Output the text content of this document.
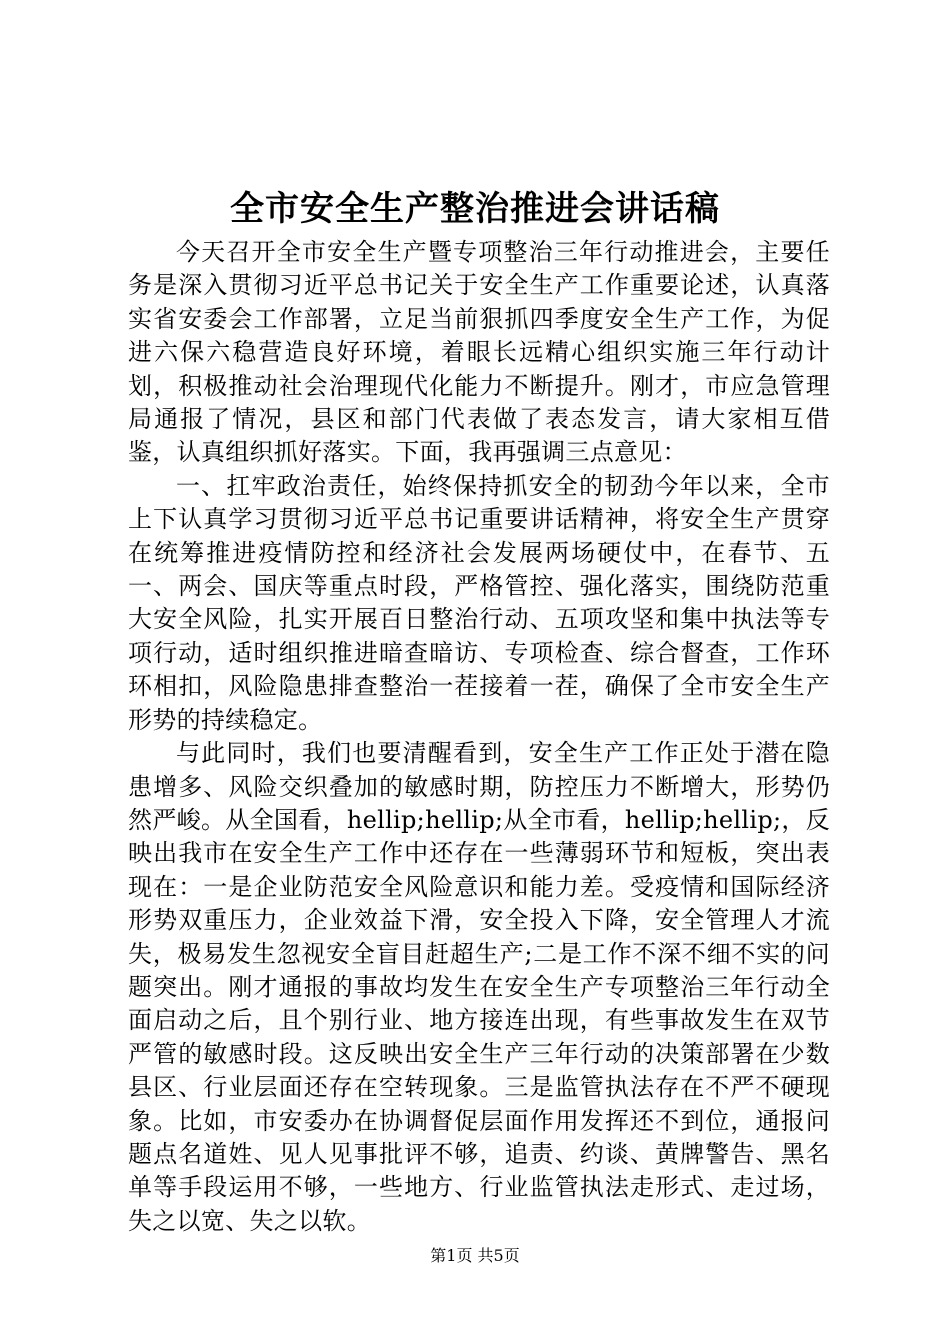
全市安全生产整治推进会讲话稿

今天召开全市安全生产暨专项整治三年行动推进会，主要任务是深入贯彻习近平总书记关于安全生产工作重要论述，认真落实省安委会工作部署，立足当前狠抓四季度安全生产工作，为促进六保六稳营造良好环境，着眼长远精心组织实施三年行动计划，积极推动社会治理现代化能力不断提升。刚才，市应急管理局通报了情况，县区和部门代表做了表态发言，请大家相互借鉴，认真组织抓好落实。下面，我再强调三点意见：

一、扛牢政治责任，始终保持抓安全的韧劲今年以来，全市上下认真学习贯彻习近平总书记重要讲话精神，将安全生产贯穿在统筹推进疫情防控和经济社会发展两场硬仗中，在春节、五一、两会、国庆等重点时段，严格管控、强化落实，围绕防范重大安全风险，扎实开展百日整治行动、五项攻坚和集中执法等专项行动，适时组织推进暗查暗访、专项检查、综合督查，工作环环相扣，风险隐患排查整治一茬接着一茬，确保了全市安全生产形势的持续稳定。

与此同时，我们也要清醒看到，安全生产工作正处于潜在隐患增多、风险交织叠加的敏感时期，防控压力不断增大，形势仍然严峻。从全国看，hellip;hellip;从全市看，hellip;hellip;，反映出我市在安全生产工作中还存在一些薄弱环节和短板，突出表现在：一是企业防范安全风险意识和能力差。受疫情和国际经济形势双重压力，企业效益下滑，安全投入下降，安全管理人才流失，极易发生忽视安全盲目赶超生产;二是工作不深不细不实的问题突出。刚才通报的事故均发生在安全生产专项整治三年行动全面启动之后，且个别行业、地方接连出现，有些事故发生在双节严管的敏感时段。这反映出安全生产三年行动的决策部署在少数县区、行业层面还存在空转现象。三是监管执法存在不严不硬现象。比如，市安委办在协调督促层面作用发挥还不到位，通报问题点名道姓、见人见事批评不够，追责、约谈、黄牌警告、黑名单等手段运用不够，一些地方、行业监管执法走形式、走过场，失之以宽、失之以软。

第1页 共5页
